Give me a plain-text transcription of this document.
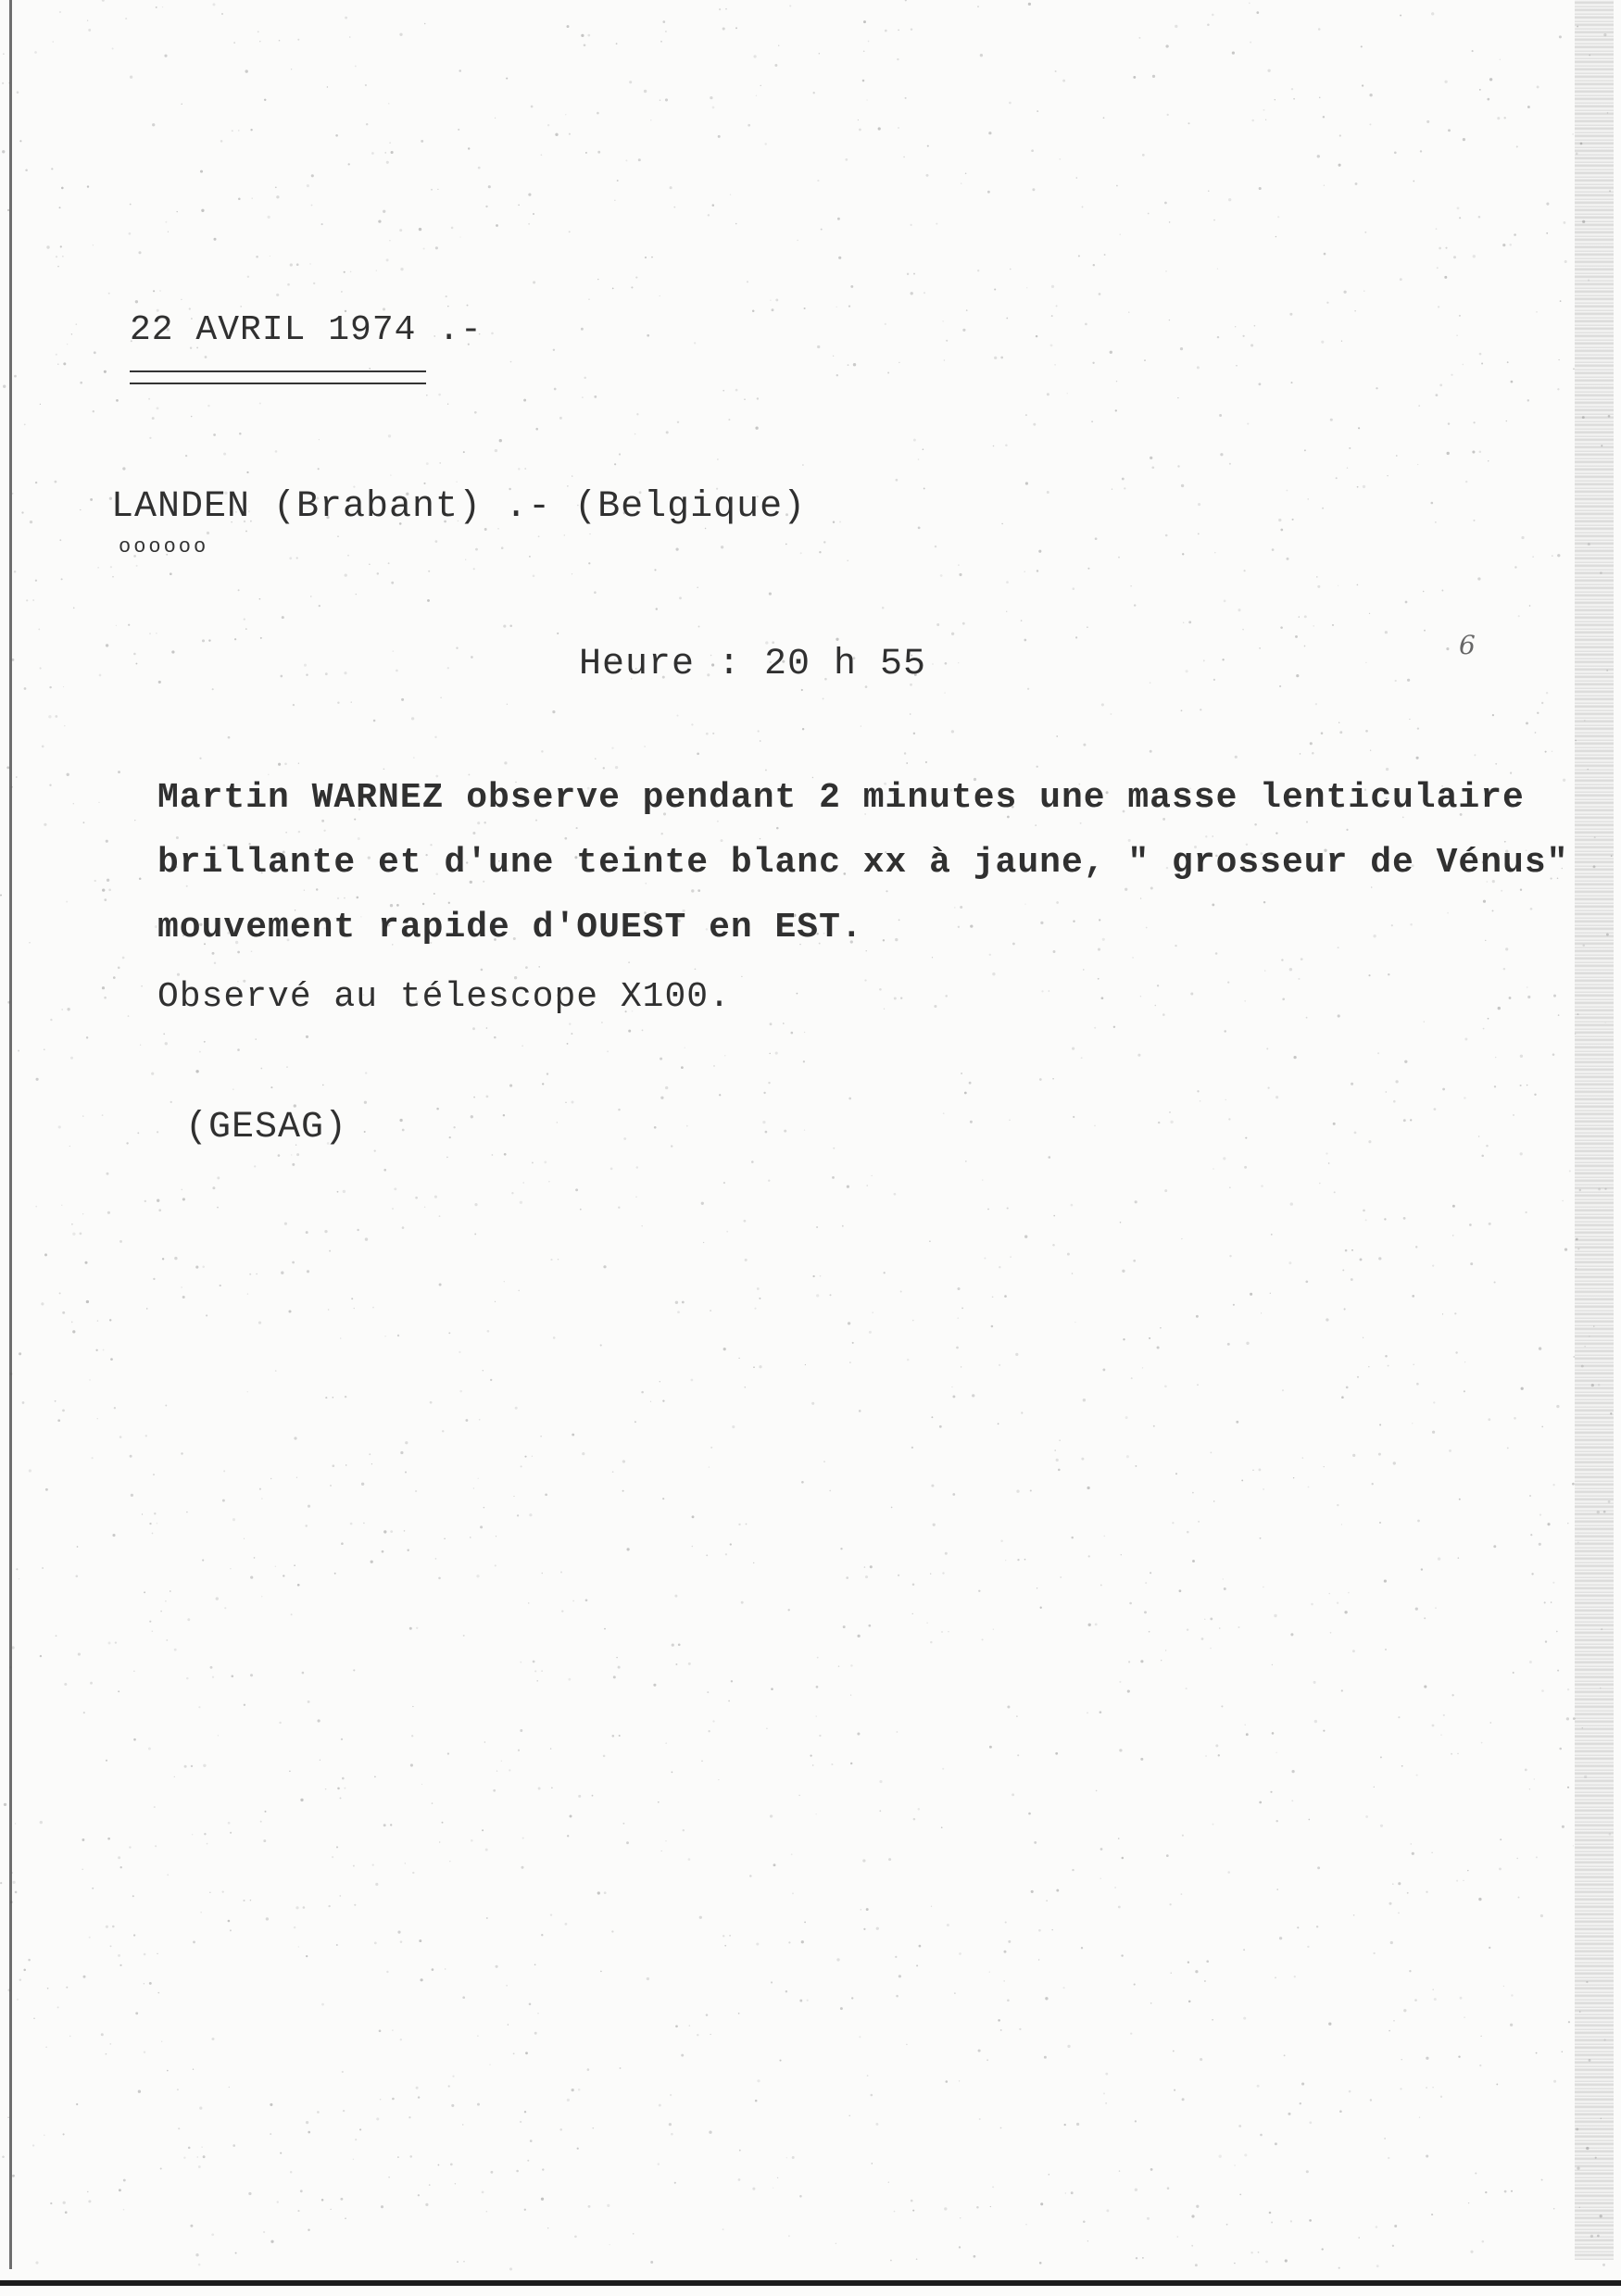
22 AVRIL 1974 .-
LANDEN (Brabant) .- (Belgique)
oooooo
Heure : 20 h 55	6
Martin WARNEZ observe pendant 2 minutes une masse lenticulaire
brillante et d'une teinte blanc xx à jaune, " grosseur de Vénus"
mouvement rapide d'OUEST en EST.
Observé au télescope X100.
(GESAG)
